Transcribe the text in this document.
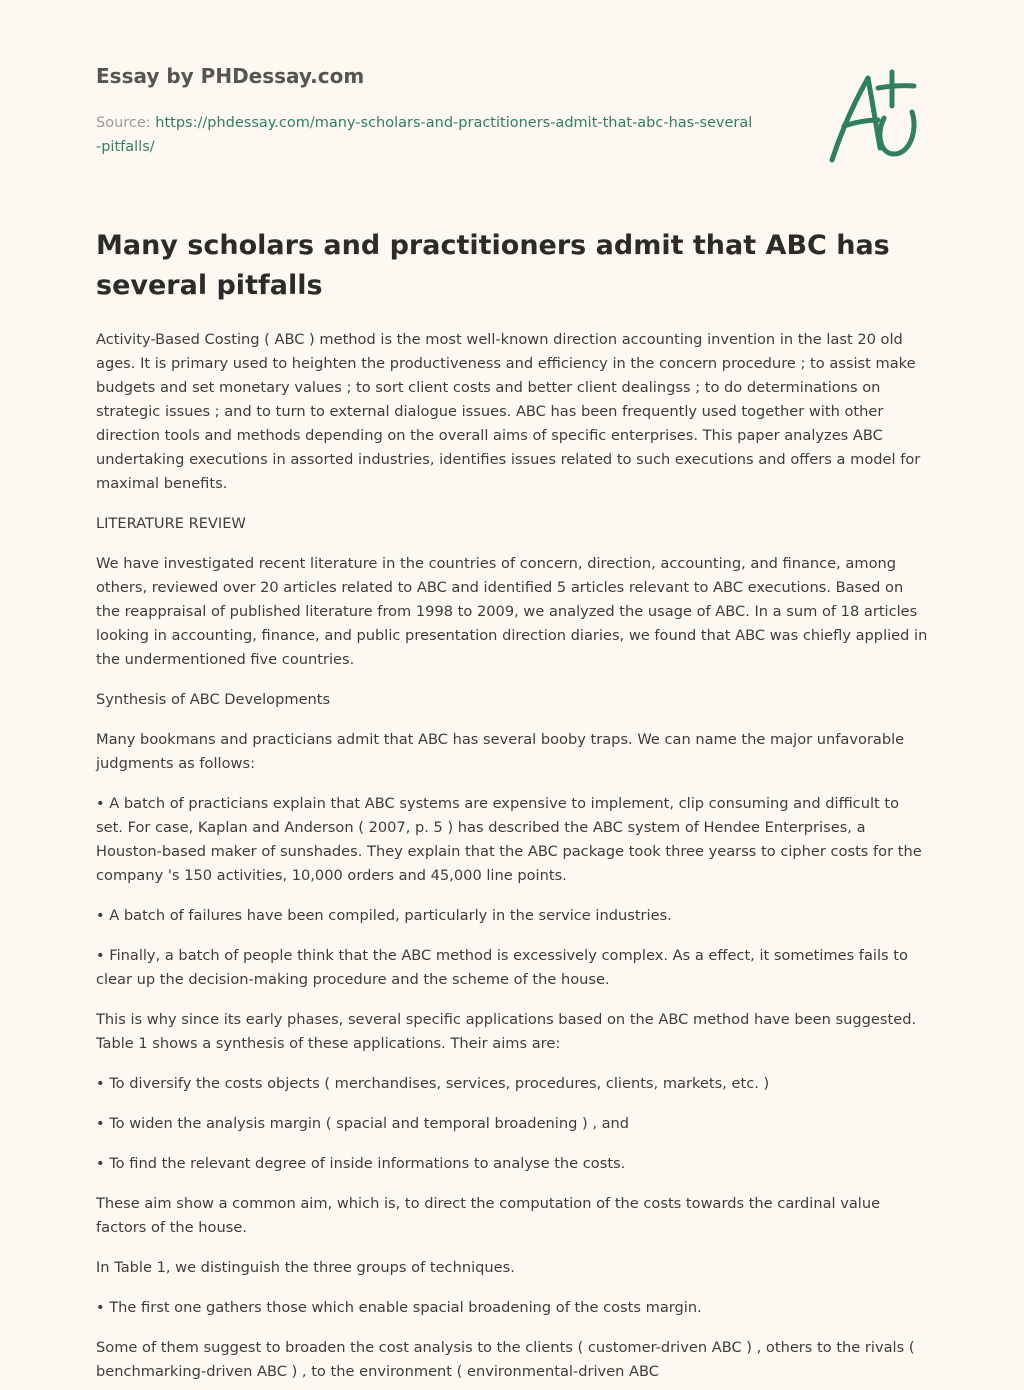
Essay by PHDessay.com
Source: https://phdessay.com/many-scholars-and-practitioners-admit-that-abc-has-several-pitfalls/
Many scholars and practitioners admit that ABC has several pitfalls

Activity-Based Costing ( ABC ) method is the most well-known direction accounting invention in the last 20 old ages. It is primary used to heighten the productiveness and efficiency in the concern procedure ; to assist make budgets and set monetary values ; to sort client costs and better client dealingss ; to do determinations on strategic issues ; and to turn to external dialogue issues. ABC has been frequently used together with other direction tools and methods depending on the overall aims of specific enterprises. This paper analyzes ABC undertaking executions in assorted industries, identifies issues related to such executions and offers a model for maximal benefits.

LITERATURE REVIEW

We have investigated recent literature in the countries of concern, direction, accounting, and finance, among others, reviewed over 20 articles related to ABC and identified 5 articles relevant to ABC executions. Based on the reappraisal of published literature from 1998 to 2009, we analyzed the usage of ABC. In a sum of 18 articles looking in accounting, finance, and public presentation direction diaries, we found that ABC was chiefly applied in the undermentioned five countries.

Synthesis of ABC Developments

Many bookmans and practicians admit that ABC has several booby traps. We can name the major unfavorable judgments as follows:

• A batch of practicians explain that ABC systems are expensive to implement, clip consuming and difficult to set. For case, Kaplan and Anderson ( 2007, p. 5 ) has described the ABC system of Hendee Enterprises, a Houston-based maker of sunshades. They explain that the ABC package took three yearss to cipher costs for the company 's 150 activities, 10,000 orders and 45,000 line points.

• A batch of failures have been compiled, particularly in the service industries.

• Finally, a batch of people think that the ABC method is excessively complex. As a effect, it sometimes fails to clear up the decision-making procedure and the scheme of the house.

This is why since its early phases, several specific applications based on the ABC method have been suggested. Table 1 shows a synthesis of these applications. Their aims are:

• To diversify the costs objects ( merchandises, services, procedures, clients, markets, etc. )

• To widen the analysis margin ( spacial and temporal broadening ) , and

• To find the relevant degree of inside informations to analyse the costs.

These aim show a common aim, which is, to direct the computation of the costs towards the cardinal value factors of the house.

In Table 1, we distinguish the three groups of techniques.

• The first one gathers those which enable spacial broadening of the costs margin.

Some of them suggest to broaden the cost analysis to the clients ( customer-driven ABC ) , others to the rivals ( benchmarking-driven ABC ) , to the environment ( environmental-driven ABC
